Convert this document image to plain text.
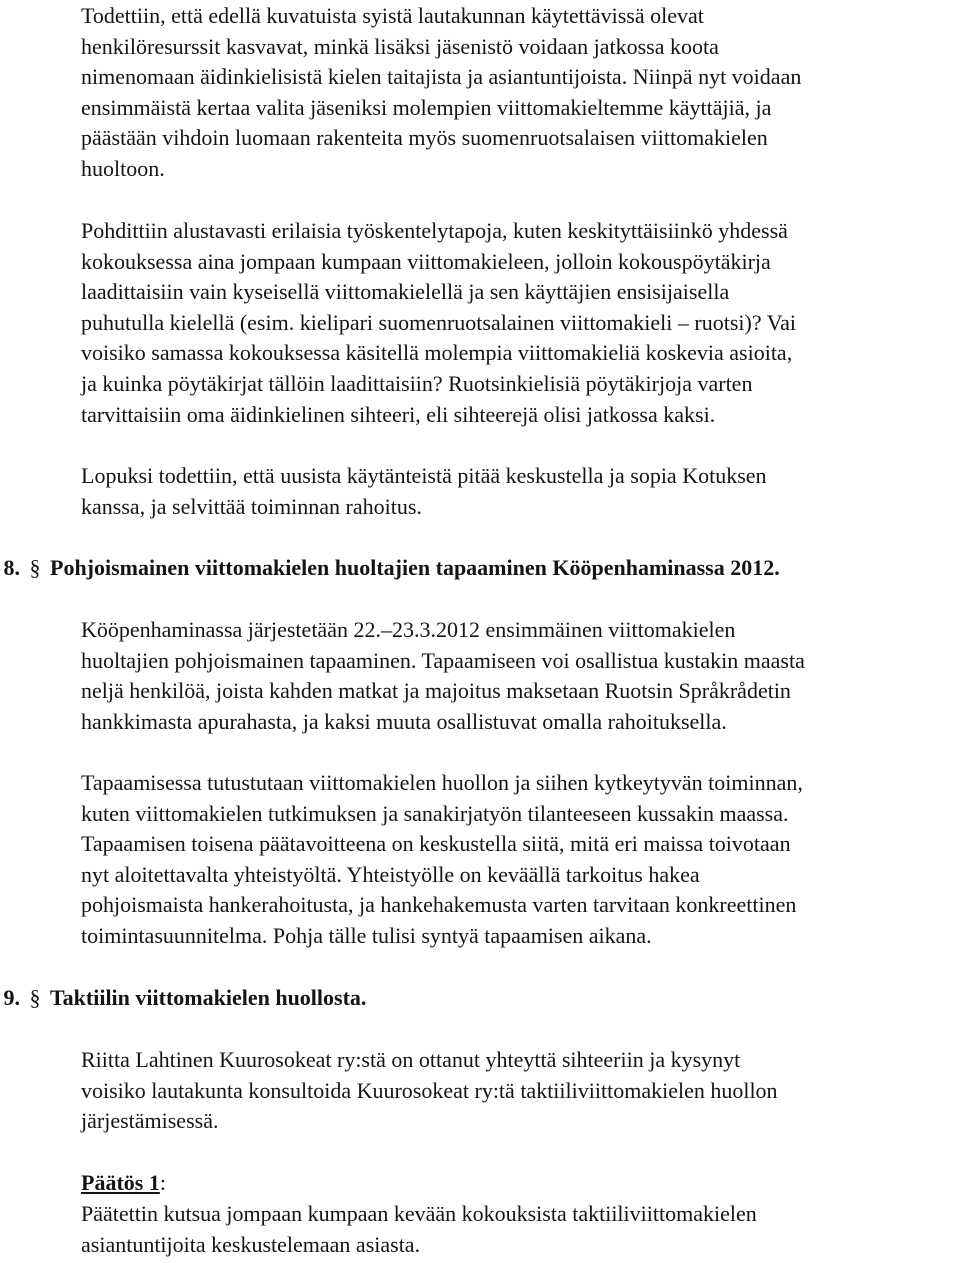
Todettiin, että edellä kuvatuista syistä lautakunnan käytettävissä olevat
henkilöresurssit kasvavat, minkä lisäksi jäsenistö voidaan jatkossa koota
nimenomaan äidinkielisistä kielen taitajista ja asiantuntijoista. Niinpä nyt voidaan
ensimmäistä kertaa valita jäseniksi molempien viittomakieltemme käyttäjiä, ja
päästään vihdoin luomaan rakenteita myös suomenruotsalaisen viittomakielen
huoltoon.

Pohdittiin alustavasti erilaisia työskentelytapoja, kuten keskityttäisiinkö yhdessä
kokouksessa aina jompaan kumpaan viittomakieleen, jolloin kokouspöytäkirja
laadittaisiin vain kyseisellä viittomakielellä ja sen käyttäjien ensisijaisella
puhutulla kielellä (esim. kielipari suomenruotsalainen viittomakieli – ruotsi)? Vai
voisiko samassa kokouksessa käsitellä molempia viittomakieliä koskevia asioita,
ja kuinka pöytäkirjat tällöin laadittaisiin? Ruotsinkielisiä pöytäkirjoja varten
tarvittaisiin oma äidinkielinen sihteeri, eli sihteerejä olisi jatkossa kaksi.

Lopuksi todettiin, että uusista käytänteistä pitää keskustella ja sopia Kotuksen
kanssa, ja selvittää toiminnan rahoitus.

8. § Pohjoismainen viittomakielen huoltajien tapaaminen Kööpenhaminassa 2012.

Kööpenhaminassa järjestetään 22.–23.3.2012 ensimmäinen viittomakielen
huoltajien pohjoismainen tapaaminen. Tapaamiseen voi osallistua kustakin maasta
neljä henkilöä, joista kahden matkat ja majoitus maksetaan Ruotsin Språkrådetin
hankkimasta apurahasta, ja kaksi muuta osallistuvat omalla rahoituksella.

Tapaamisessa tutustutaan viittomakielen huollon ja siihen kytkeytyvän toiminnan,
kuten viittomakielen tutkimuksen ja sanakirjatyön tilanteeseen kussakin maassa.
Tapaamisen toisena päätavoitteena on keskustella siitä, mitä eri maissa toivotaan
nyt aloitettavalta yhteistyöltä. Yhteistyölle on keväällä tarkoitus hakea
pohjoismaista hankerahoitusta, ja hankehakemusta varten tarvitaan konkreettinen
toimintasuunnitelma. Pohja tälle tulisi syntyä tapaamisen aikana.

9. § Taktiilin viittomakielen huollosta.

Riitta Lahtinen Kuurosokeat ry:stä on ottanut yhteyttä sihteeriin ja kysynyt
voisiko lautakunta konsultoida Kuurosokeat ry:tä taktiiliviittomakielen huollon
järjestämisessä.

Päätös 1:

Päätettin kutsua jompaan kumpaan kevään kokouksista taktiiliviittomakielen
asiantuntijoita keskustelemaan asiasta.
